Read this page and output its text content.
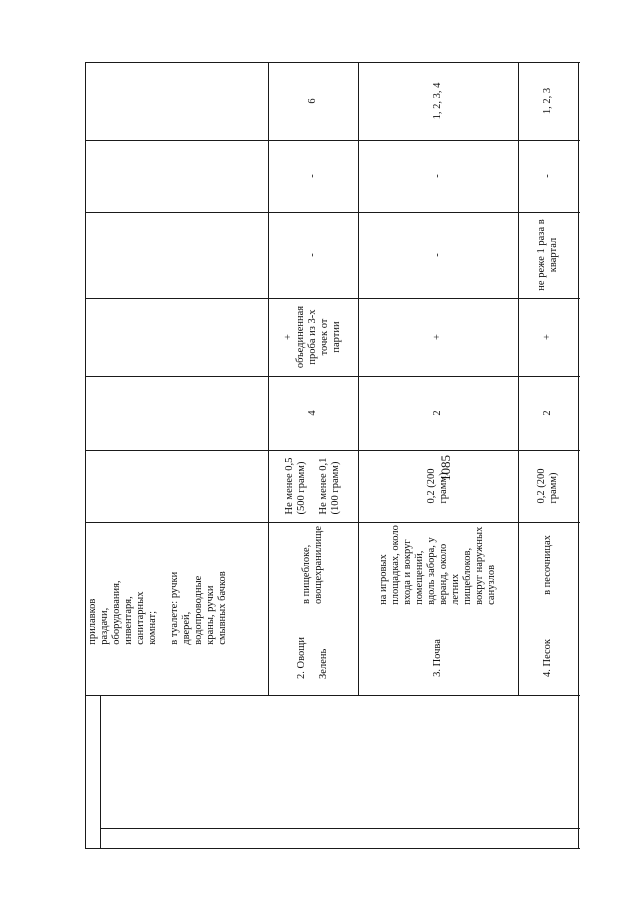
1085
прилавков раздачи, оборудования, инвентаря, санитарных комнат; в туалете: ручки дверей, водопроводные краны, ручки смывных бачков
2. Овощи Зелень
в пищеблоке, овощехранилище
Не менее 0,5 (500 грамм) Не менее 0,1 (100 грамм)
4
+ объединенная проба из 3-х точек от партии
-
-
6
3. Почва
на игровых площадках, около входа и вокруг помещений, вдоль забора, у веранд, около летних пищеблоков, вокруг наружных санузлов
0,2 (200 грамм)
2
+
-
-
1, 2, 3, 4
4. Песок
в песочницах
0,2 (200 грамм)
2
+
не реже 1 раза в квартал
-
1, 2, 3
